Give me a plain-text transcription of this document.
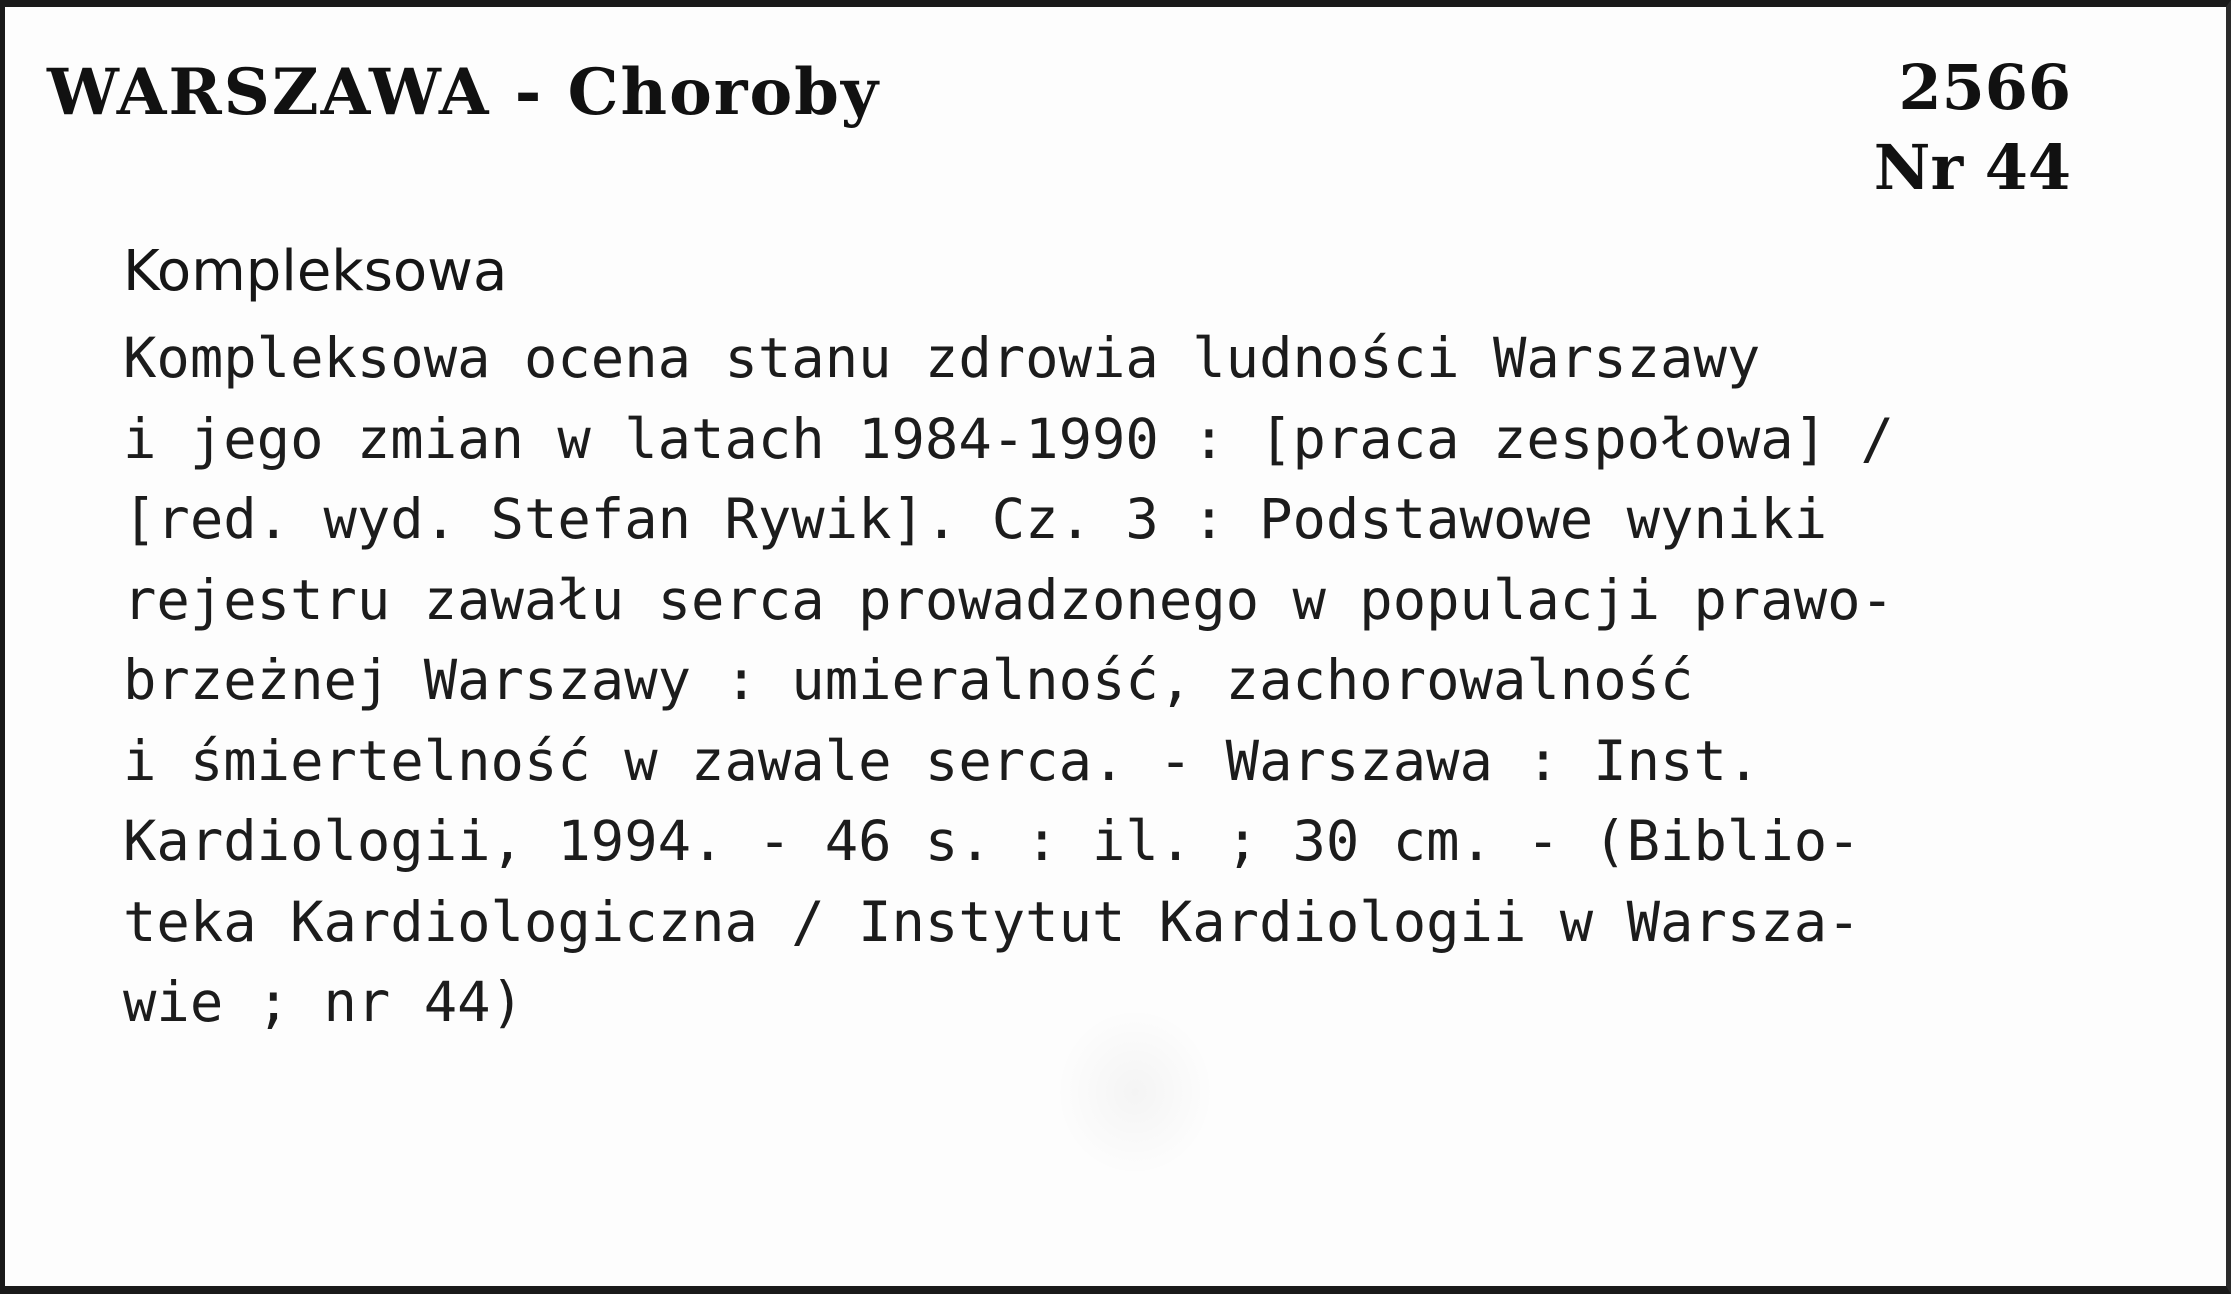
WARSZAWA - Choroby	2566
Nr 44
Kompleksowa
Kompleksowa ocena stanu zdrowia ludności Warszawy
i jego zmian w latach 1984-1990 : [praca zespołowa] /
[red. wyd. Stefan Rywik]. Cz. 3 : Podstawowe wyniki
rejestru zawału serca prowadzonego w populacji prawo-
brzeżnej Warszawy : umieralność, zachorowalność
i śmiertelność w zawale serca. - Warszawa : Inst.
Kardiologii, 1994. - 46 s. : il. ; 30 cm. - (Biblio-
teka Kardiologiczna / Instytut Kardiologii w Warsza-
wie ; nr 44)
